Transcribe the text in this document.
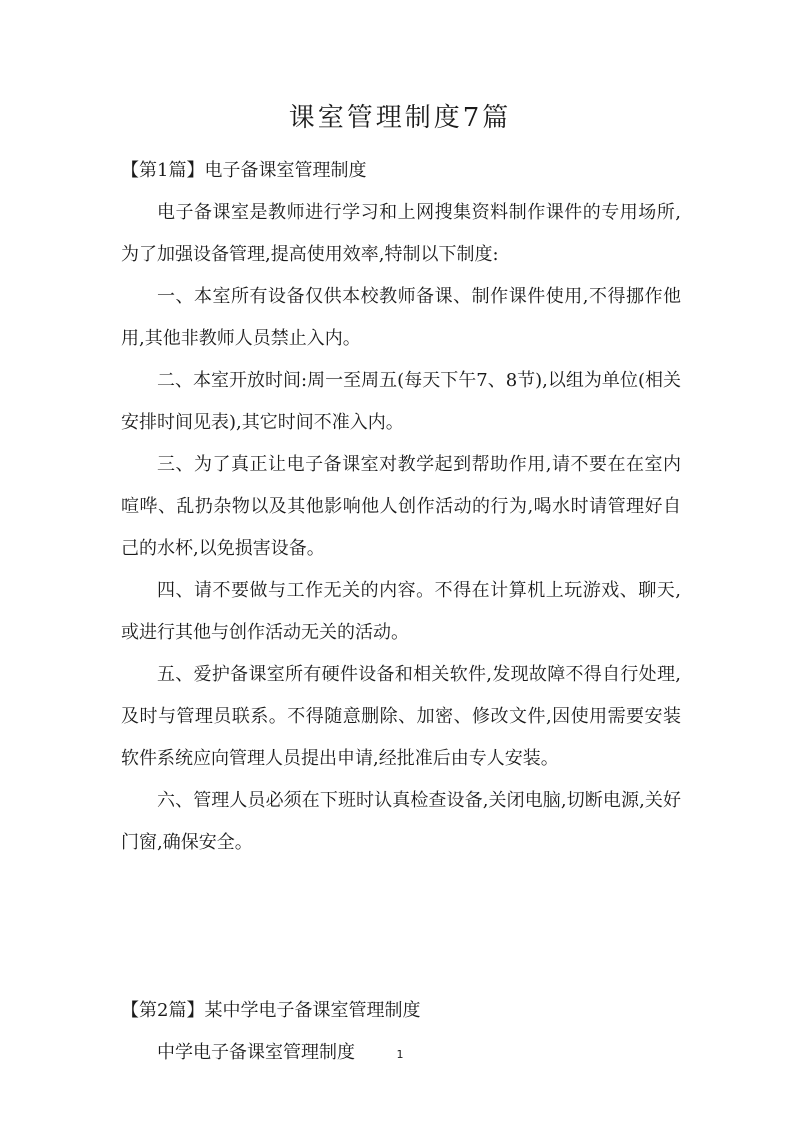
课室管理制度7篇

【第1篇】电子备课室管理制度

电子备课室是教师进行学习和上网搜集资料制作课件的专用场所,为了加强设备管理,提高使用效率,特制以下制度:

一、本室所有设备仅供本校教师备课、制作课件使用,不得挪作他用,其他非教师人员禁止入内。

二、本室开放时间:周一至周五(每天下午7、8节),以组为单位(相关安排时间见表),其它时间不准入内。

三、为了真正让电子备课室对教学起到帮助作用,请不要在在室内喧哗、乱扔杂物以及其他影响他人创作活动的行为,喝水时请管理好自己的水杯,以免损害设备。

四、请不要做与工作无关的内容。不得在计算机上玩游戏、聊天,或进行其他与创作活动无关的活动。

五、爱护备课室所有硬件设备和相关软件,发现故障不得自行处理,及时与管理员联系。不得随意删除、加密、修改文件,因使用需要安装软件系统应向管理人员提出申请,经批准后由专人安装。

六、管理人员必须在下班时认真检查设备,关闭电脑,切断电源,关好门窗,确保安全。

【第2篇】某中学电子备课室管理制度

中学电子备课室管理制度	1
